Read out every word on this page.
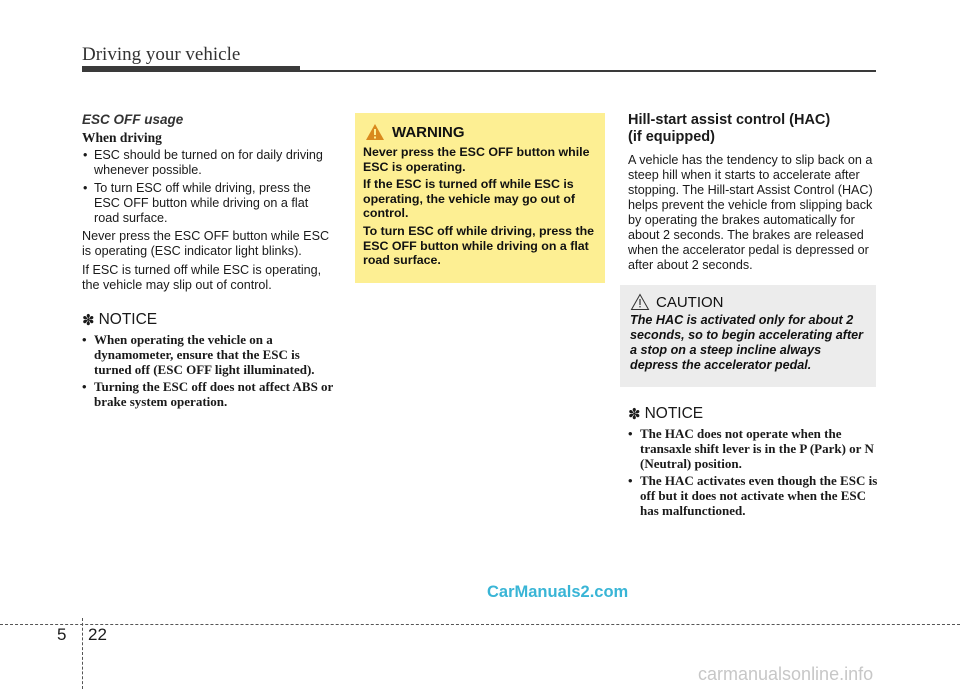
Driving your vehicle

ESC OFF usage

When driving

• ESC should be turned on for daily driving whenever possible.
• To turn ESC off while driving, press the ESC OFF button while driving on a flat road surface.

Never press the ESC OFF button while ESC is operating (ESC indicator light blinks).

If ESC is turned off while ESC is operating, the vehicle may slip out of control.

✽ NOTICE
• When operating the vehicle on a dynamometer, ensure that the ESC is turned off (ESC OFF light illuminated).
• Turning the ESC off does not affect ABS or brake system operation.
WARNING

Never press the ESC OFF button while ESC is operating.

If the ESC is turned off while ESC is operating, the vehicle may go out of control.

To turn ESC off while driving, press the ESC OFF button while driving on a flat road surface.

Hill-start assist control (HAC)
(if equipped)

A vehicle has the tendency to slip back on a steep hill when it starts to accelerate after stopping. The Hill-start Assist Control (HAC) helps prevent the vehicle from slipping back by operating the brakes automatically for about 2 seconds. The brakes are released when the accelerator pedal is depressed or after about 2 seconds.

CAUTION

The HAC is activated only for about 2 seconds, so to begin accelerating after a stop on a steep incline always depress the accelerator pedal.

✽ NOTICE
• The HAC does not operate when the transaxle shift lever is in the P (Park) or N (Neutral) position.
• The HAC activates even though the ESC is off but it does not activate when the ESC has malfunctioned.
CarManuals2.com
5 22
carmanualsonline.info
